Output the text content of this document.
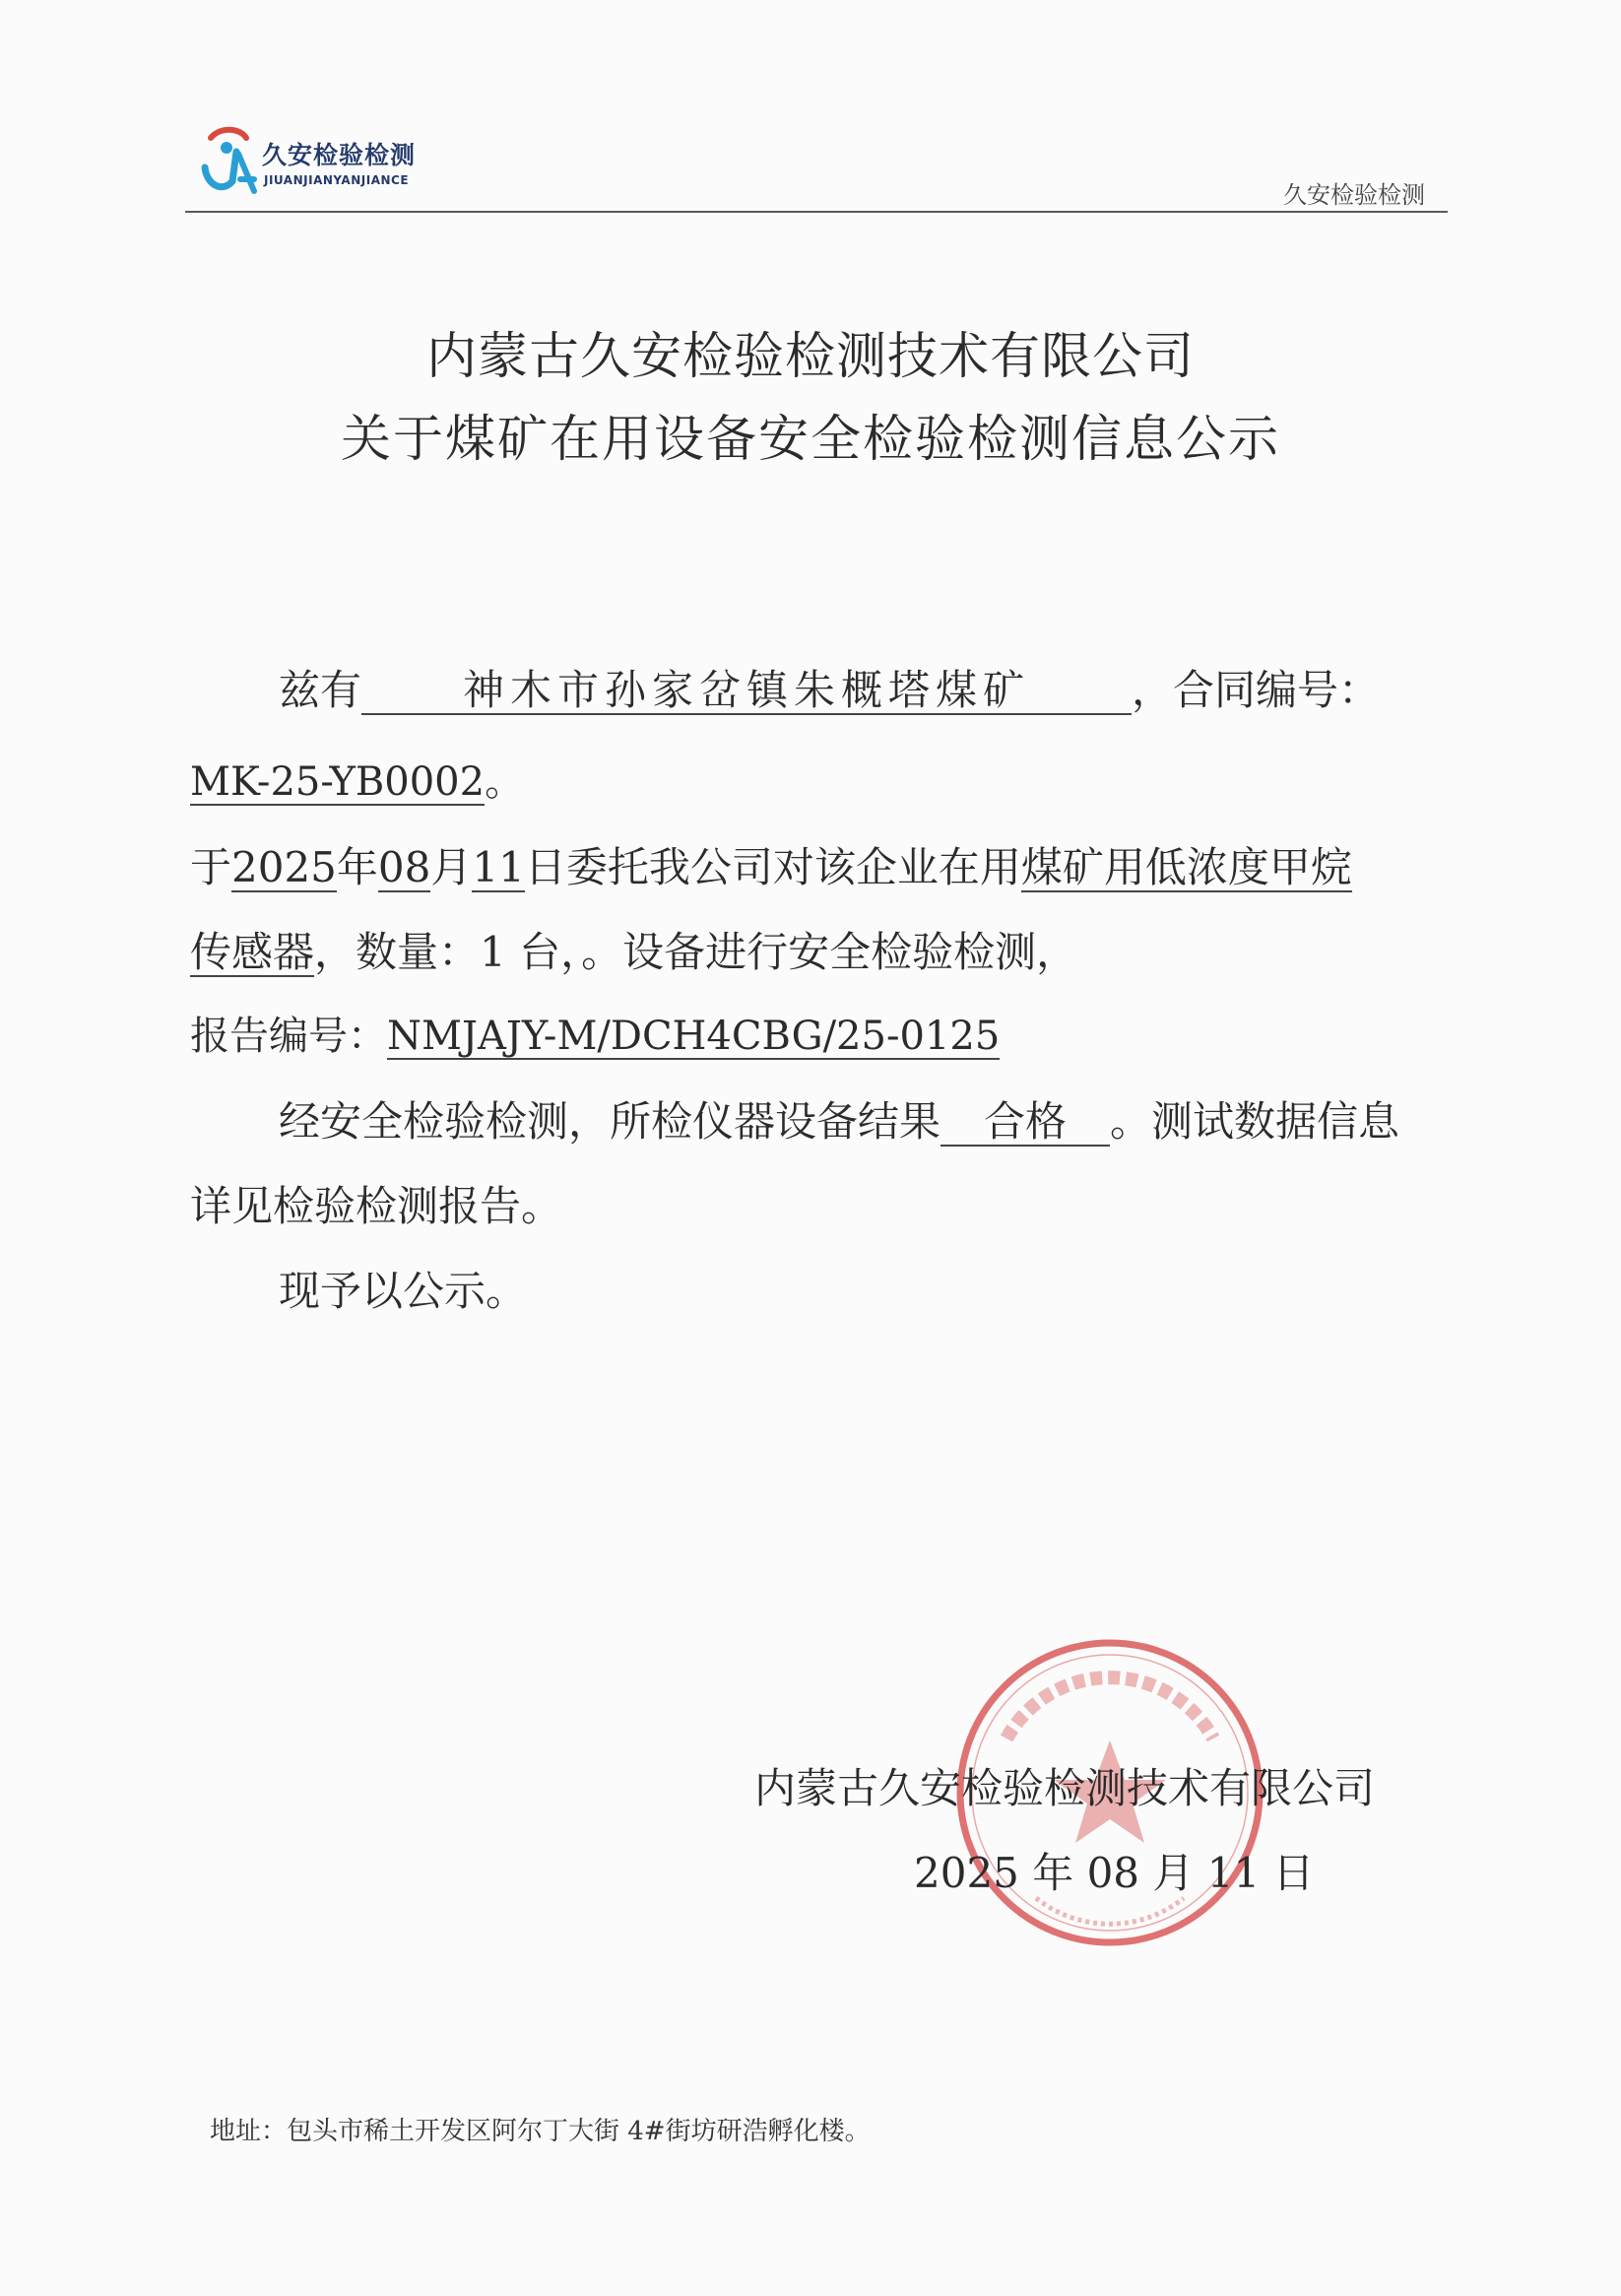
久安检验检测
JIUANJIANYANJIANCE
久安检验检测
内蒙古久安检验检测技术有限公司
关于煤矿在用设备安全检验检测信息公示
兹有 神木市孙家岔镇朱概塔煤矿 ，合同编号：
MK-25-YB0002。
于2025年08月11日委托我公司对该企业在用煤矿用低浓度甲烷
传感器，数量：1 台，。设备进行安全检验检测，
报告编号：NMJAJY-M/DCH4CBG/25-0125
经安全检验检测，所检仪器设备结果 合格 。测试数据信息
详见检验检测报告。
现予以公示。
内蒙古久安检验检测技术有限公司
2025 年 08 月 11 日
地址：包头市稀土开发区阿尔丁大街 4#街坊研浩孵化楼。
